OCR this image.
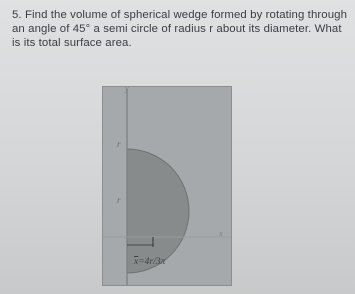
5. Find the volume of spherical wedge formed by rotating through an angle of 45° a semi circle of radius r about its diameter. What is its total surface area.

y
x
r
r
$\overline{x}=4r/3\pi$
